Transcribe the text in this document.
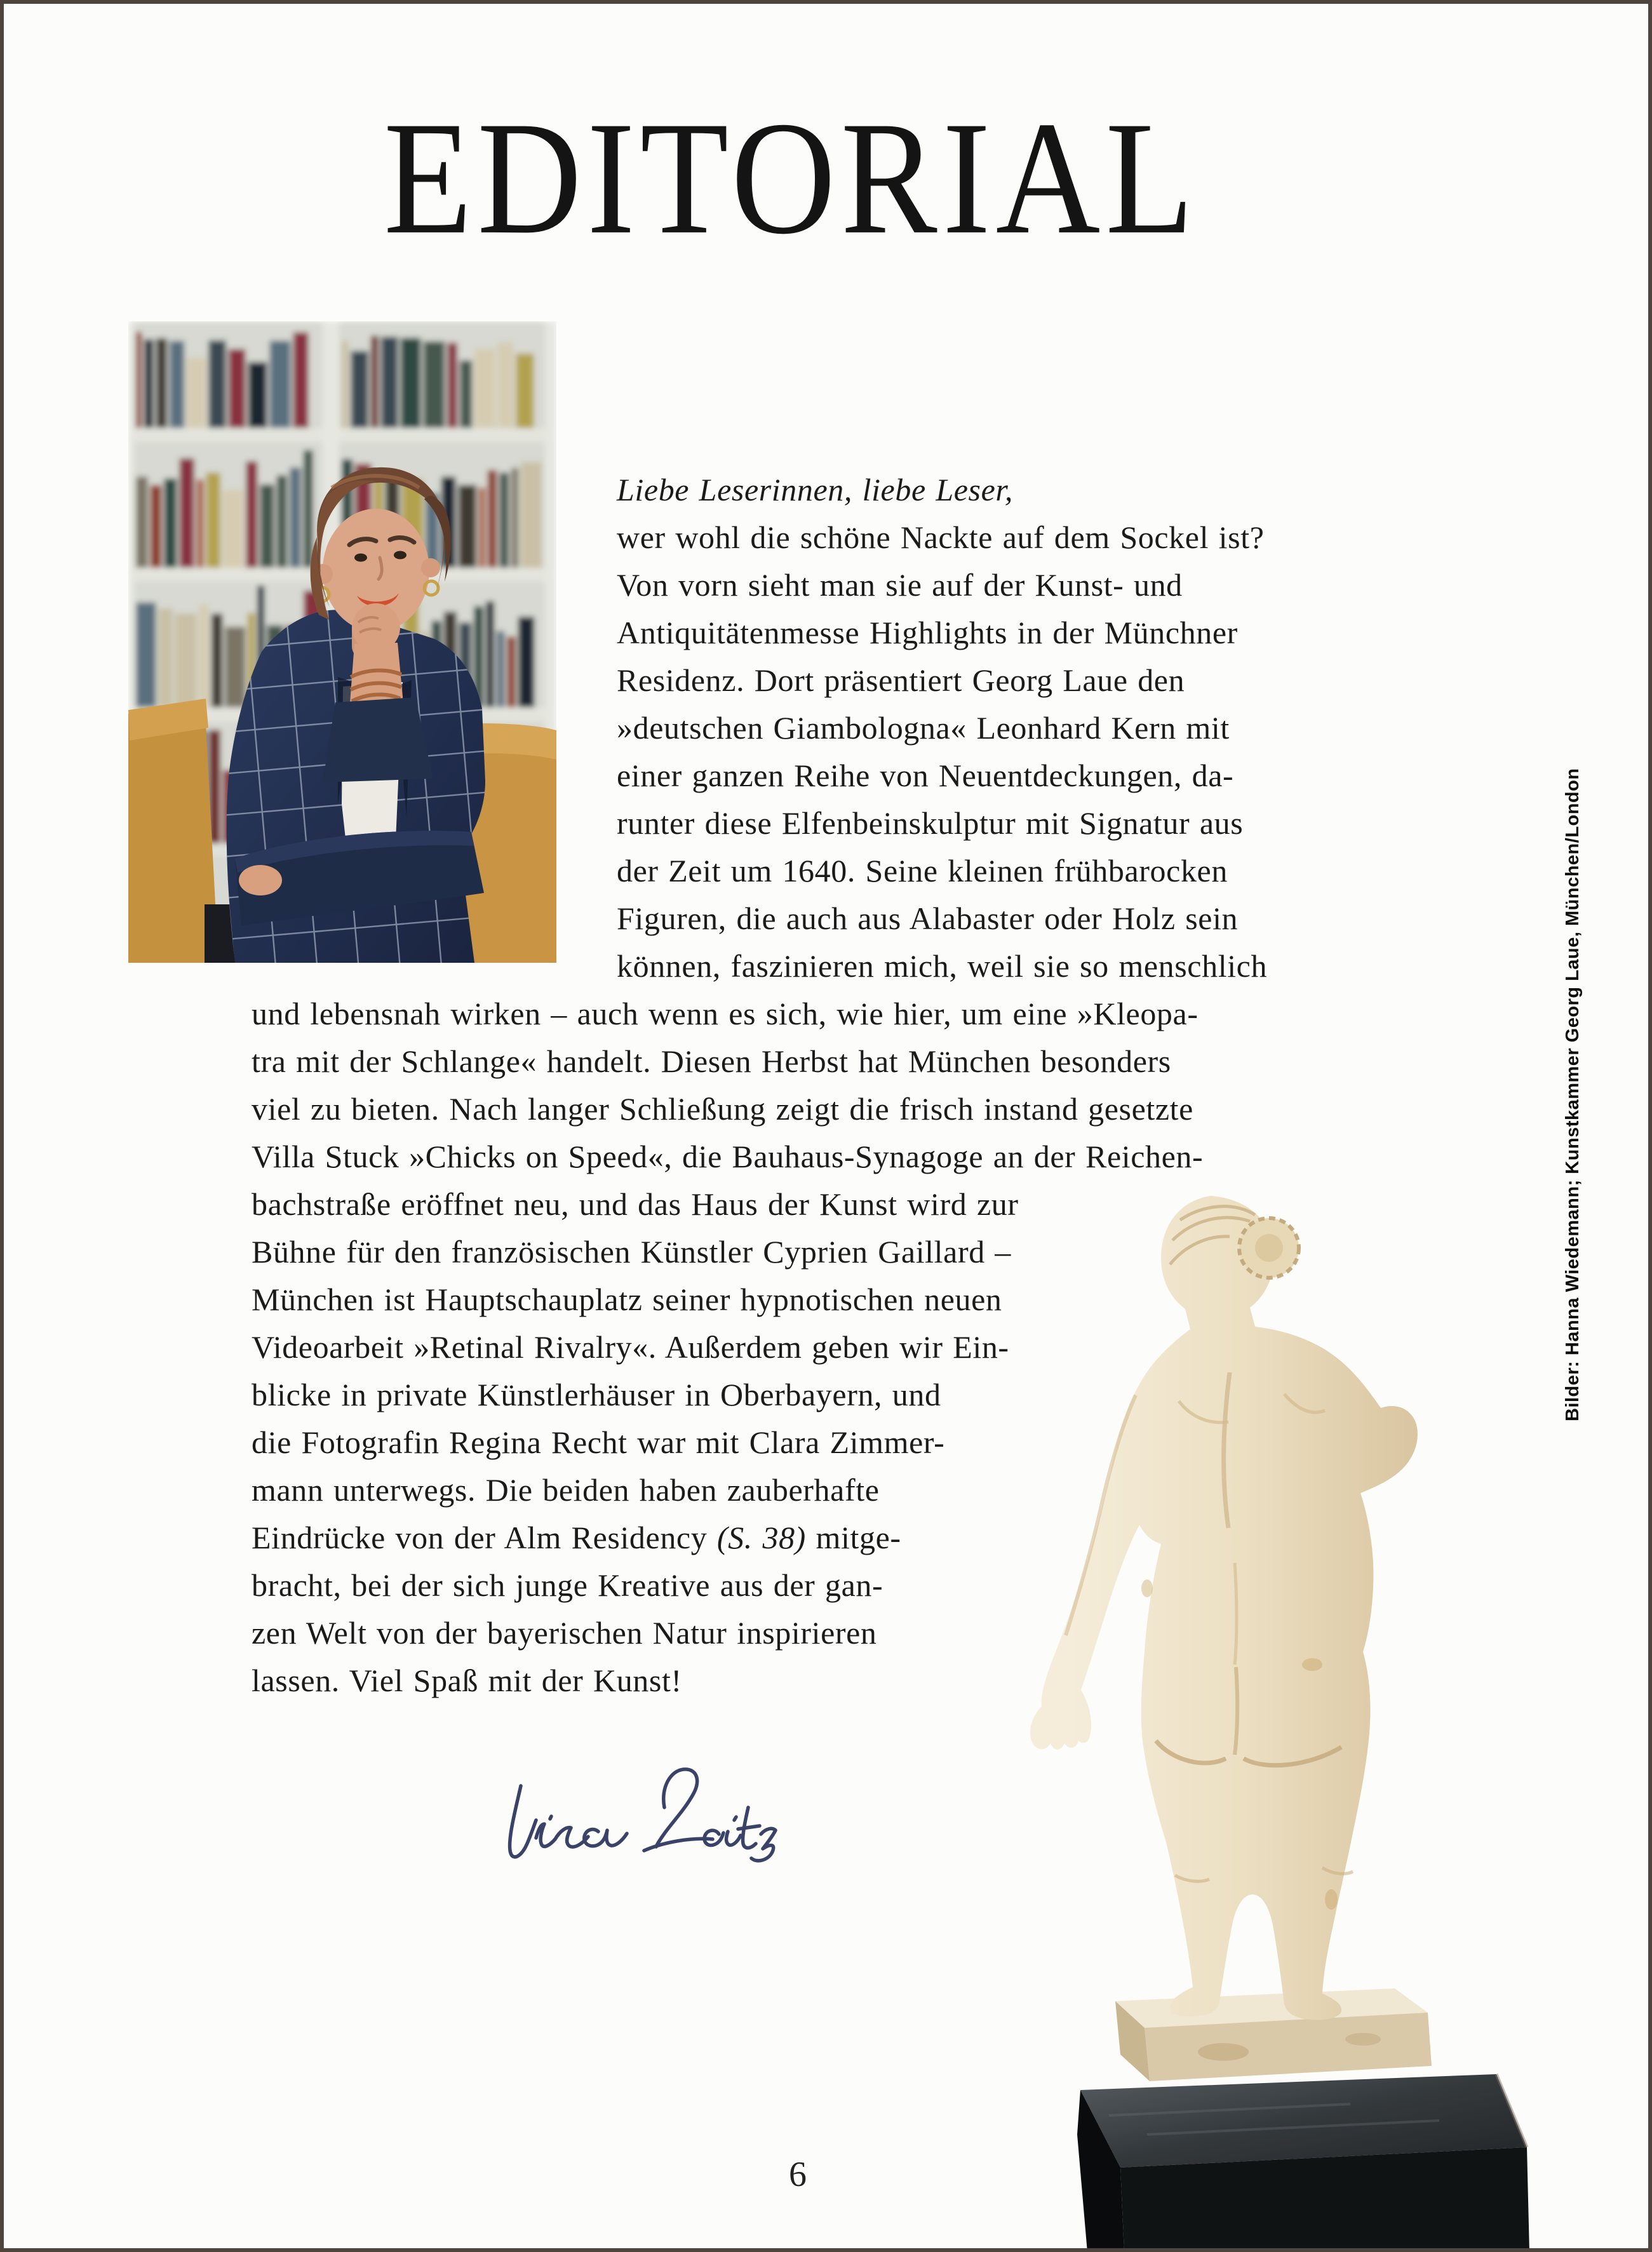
EDITORIAL
Liebe Leserinnen, liebe Leser,
wer wohl die schöne Nackte auf dem Sockel ist?
Von vorn sieht man sie auf der Kunst- und
Antiquitätenmesse Highlights in der Münchner
Residenz. Dort präsentiert Georg Laue den
»deutschen Giambologna« Leonhard Kern mit
einer ganzen Reihe von Neuentdeckungen, da-
runter diese Elfenbeinskulptur mit Signatur aus
der Zeit um 1640. Seine kleinen frühbarocken
Figuren, die auch aus Alabaster oder Holz sein
können, faszinieren mich, weil sie so menschlich
und lebensnah wirken – auch wenn es sich, wie hier, um eine »Kleopa-
tra mit der Schlange« handelt. Diesen Herbst hat München besonders
viel zu bieten. Nach langer Schließung zeigt die frisch instand gesetzte
Villa Stuck »Chicks on Speed«, die Bauhaus-Synagoge an der Reichen-
bachstraße eröffnet neu, und das Haus der Kunst wird zur
Bühne für den französischen Künstler Cyprien Gaillard –
München ist Hauptschauplatz seiner hypnotischen neuen
Videoarbeit »Retinal Rivalry«. Außerdem geben wir Ein-
blicke in private Künstlerhäuser in Oberbayern, und
die Fotografin Regina Recht war mit Clara Zimmer-
mann unterwegs. Die beiden haben zauberhafte
Eindrücke von der Alm Residency (S. 38) mitge-
bracht, bei der sich junge Kreative aus der gan-
zen Welt von der bayerischen Natur inspirieren
lassen. Viel Spaß mit der Kunst!
Bilder: Hanna Wiedemann; Kunstkammer Georg Laue, München/London
6
